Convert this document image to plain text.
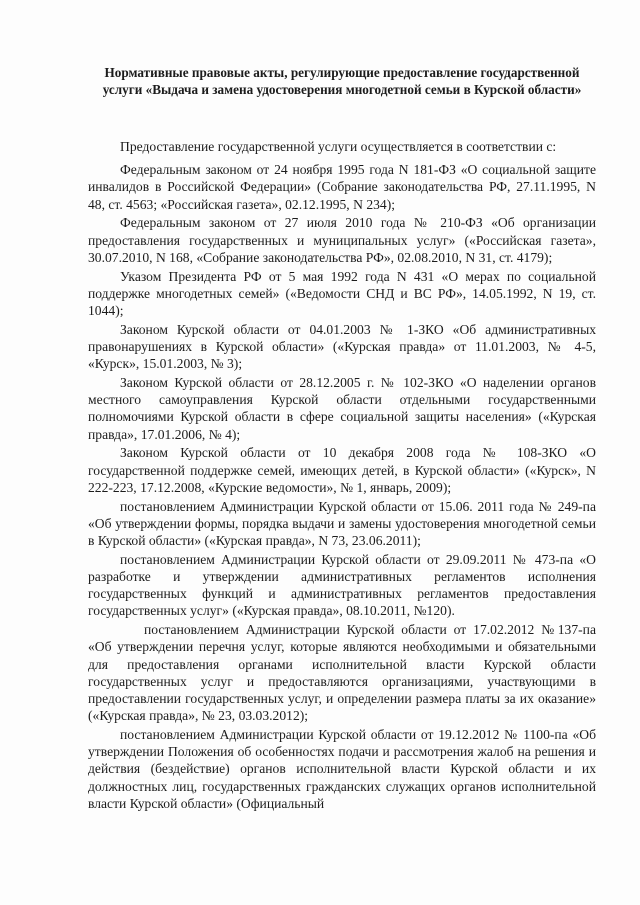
Нормативные правовые акты, регулирующие предоставление государственной услуги «Выдача и замена удостоверения многодетной семьи в Курской области»

Предоставление государственной услуги осуществляется в соответствии с:

Федеральным законом от 24 ноября 1995 года N 181-ФЗ «О социальной защите инвалидов в Российской Федерации» (Собрание законодательства РФ, 27.11.1995, N 48, ст. 4563; «Российская газета», 02.12.1995, N 234);

Федеральным законом от 27 июля 2010 года № 210-ФЗ «Об организации предоставления государственных и муниципальных услуг» («Российская газета», 30.07.2010, N 168, «Собрание законодательства РФ», 02.08.2010, N 31, ст. 4179);

Указом Президента РФ от 5 мая 1992 года N 431 «О мерах по социальной поддержке многодетных семей» («Ведомости СНД и ВС РФ», 14.05.1992, N 19, ст. 1044);

Законом Курской области от 04.01.2003 № 1-ЗКО «Об административных правонарушениях в Курской области» («Курская правда» от 11.01.2003, № 4-5, «Курск», 15.01.2003, № 3);

Законом Курской области от 28.12.2005 г. № 102-ЗКО «О наделении органов местного самоуправления Курской области отдельными государственными полномочиями Курской области в сфере социальной защиты населения» («Курская правда», 17.01.2006, № 4);

Законом Курской области от 10 декабря 2008 года № 108-ЗКО «О государственной поддержке семей, имеющих детей, в Курской области» («Курск», N 222-223, 17.12.2008, «Курские ведомости», № 1, январь, 2009);

постановлением Администрации Курской области от 15.06. 2011 года № 249-па «Об утверждении формы, порядка выдачи и замены удостоверения многодетной семьи в Курской области» («Курская правда», N 73, 23.06.2011);

постановлением Администрации Курской области от 29.09.2011 № 473-па «О разработке и утверждении административных регламентов исполнения государственных функций и административных регламентов предоставления государственных услуг» («Курская правда», 08.10.2011, №120).

постановлением Администрации Курской области от 17.02.2012 №137-па «Об утверждении перечня услуг, которые являются необходимыми и обязательными для предоставления органами исполнительной власти Курской области государственных услуг и предоставляются организациями, участвующими в предоставлении государственных услуг, и определении размера платы за их оказание» («Курская правда», № 23, 03.03.2012);

постановлением Администрации Курской области от 19.12.2012 № 1100-па «Об утверждении Положения об особенностях подачи и рассмотрения жалоб на решения и действия (бездействие) органов исполнительной власти Курской области и их должностных лиц, государственных гражданских служащих органов исполнительной власти Курской области» (Официальный
